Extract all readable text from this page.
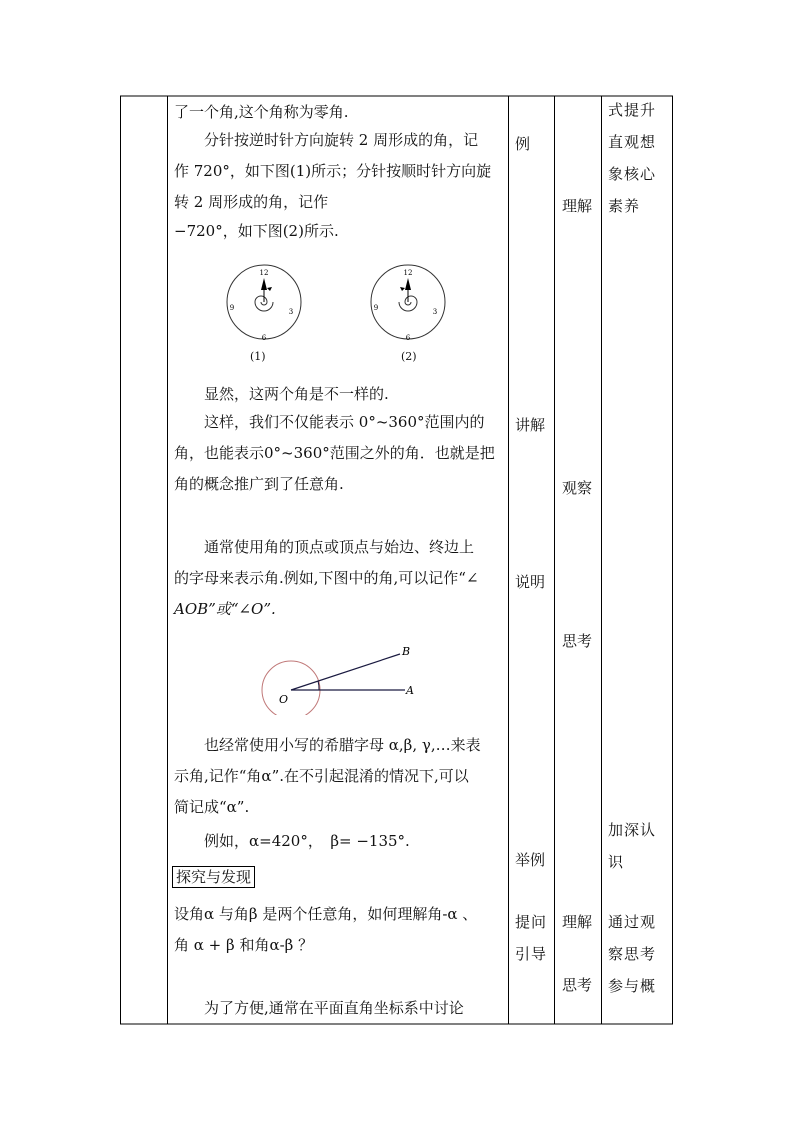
了一个角,这个角称为零角.
　　分针按逆时针方向旋转 2 周形成的角，记
作 720°，如下图(1)所示；分针按顺时针方向旋
转 2 周形成的角，记作
−720°，如下图(2)所示.
12
3
6
9
12
3
6
9
(1)	(2)
　　显然，这两个角是不一样的.
　　这样，我们不仅能表示 0°~360°范围内的
角，也能表示0°~360°范围之外的角．也就是把
角的概念推广到了任意角.
　　通常使用角的顶点或顶点与始边、终边上
的字母来表示角.例如,下图中的角,可以记作“∠
AOB”或“∠O”.
O
A
B
　　也经常使用小写的希腊字母 α,β, γ,…来表
示角,记作“角α”.在不引起混淆的情况下,可以
简记成“α”.
　　例如，α=420°，　β= −135°.
探究与发现
设角α 与角β 是两个任意角，如何理解角-α 、
角 α + β 和角α-β ？
　　为了方便,通常在平面直角坐标系中讨论
例
讲解
说明
举例
提问
引导
理解
观察
思考
理解
思考
式提升
直观想
象核心
素养
加深认
识
通过观
察思考
参与概
